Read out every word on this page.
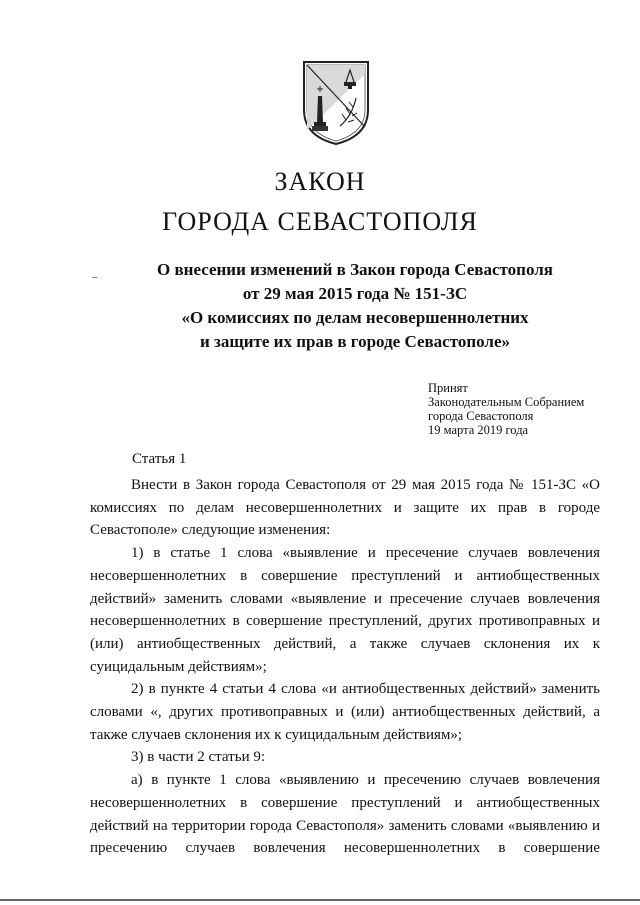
ЗАКОН
ГОРОДА СЕВАСТОПОЛЯ
О внесении изменений в Закон города Севастополя
от 29 мая 2015 года № 151-ЗС
«О комиссиях по делам несовершеннолетних
и защите их прав в городе Севастополе»
Принят
Законодательным Собранием
города Севастополя
19 марта 2019 года
Статья 1

Внести в Закон города Севастополя от 29 мая 2015 года № 151-ЗС «О комиссиях по делам несовершеннолетних и защите их прав в городе Севастополе» следующие изменения:

1) в статье 1 слова «выявление и пресечение случаев вовлечения несовершеннолетних в совершение преступлений и антиобщественных действий» заменить словами «выявление и пресечение случаев вовлечения несовершеннолетних в совершение преступлений, других противоправных и (или) антиобщественных действий, а также случаев склонения их к суицидальным действиям»;

2) в пункте 4 статьи 4 слова «и антиобщественных действий» заменить словами «, других противоправных и (или) антиобщественных действий, а также случаев склонения их к суицидальным действиям»;

3) в части 2 статьи 9:

а) в пункте 1 слова «выявлению и пресечению случаев вовлечения несовершеннолетних в совершение преступлений и антиобщественных действий на территории города Севастополя» заменить словами «выявлению и пресечению случаев вовлечения несовершеннолетних в совершение
